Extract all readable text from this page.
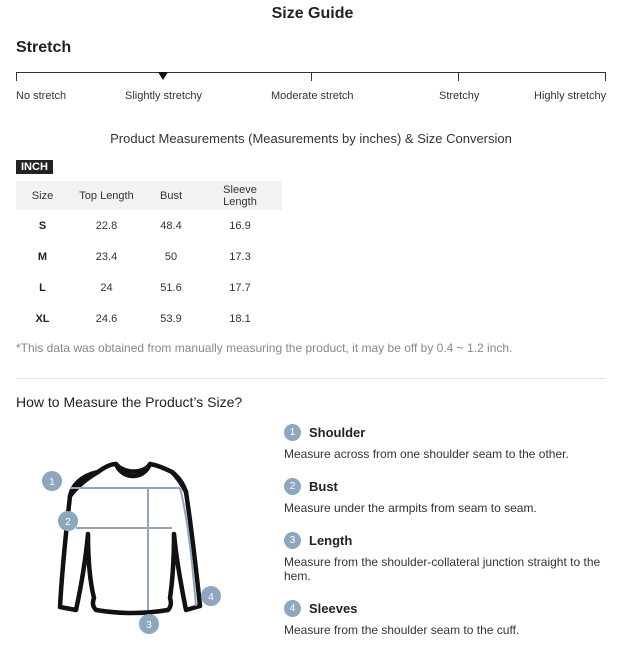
Size Guide
Stretch
No stretch	Slightly stretchy	Moderate stretch	Stretchy	Highly stretchy
Product Measurements (Measurements by inches) & Size Conversion
INCH
Size	Top Length	Bust	Sleeve Length
S	22.8	48.4	16.9
M	23.4	50	17.3
L	24	51.6	17.7
XL	24.6	53.9	18.1
*This data was obtained from manually measuring the product, it may be off by 0.4 ~ 1.2 inch.
How to Measure the Product’s Size?
1
2
3
4
1	Shoulder
Measure across from one shoulder seam to the other.
2	Bust
Measure under the armpits from seam to seam.
3	Length
Measure from the shoulder-collateral junction straight to the hem.
4	Sleeves
Measure from the shoulder seam to the cuff.
